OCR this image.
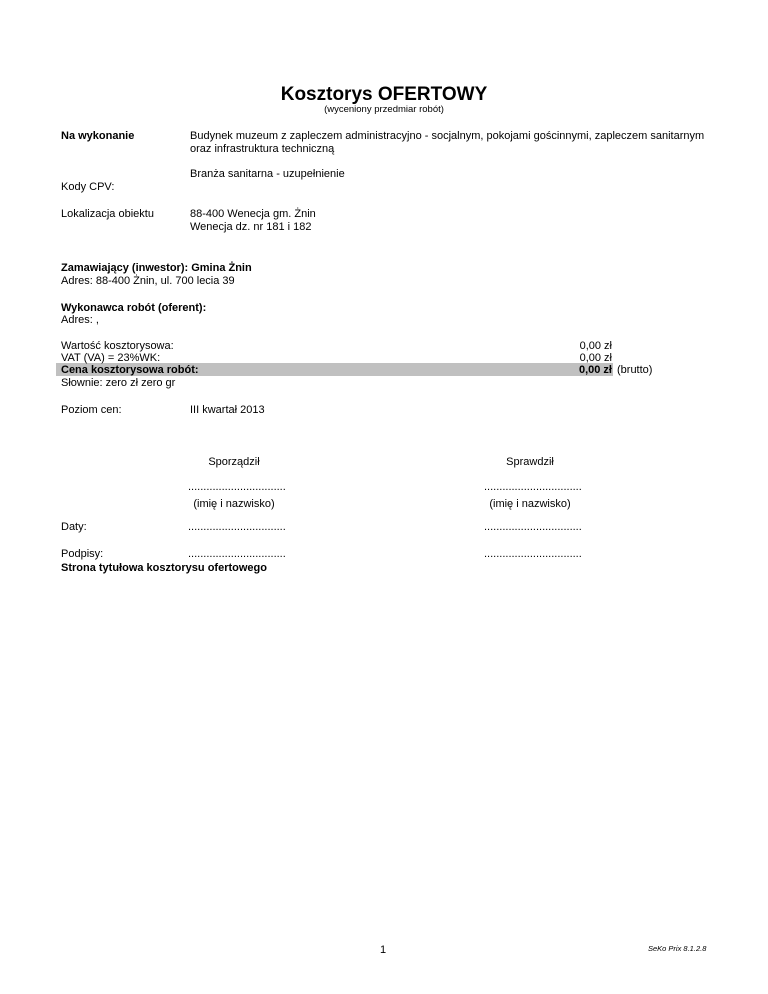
Kosztorys OFERTOWY
(wyceniony przedmiar robót)
Na wykonanie	Budynek muzeum z zapleczem administracyjno - socjalnym, pokojami gościnnymi, zapleczem sanitarnym oraz infrastruktura techniczną
Branża sanitarna - uzupełnienie
Kody CPV:
Lokalizacja obiektu	88-400 Wenecja gm. Żnin
Wenecja dz. nr 181 i 182
Zamawiający (inwestor): Gmina Żnin
Adres: 88-400 Żnin, ul. 700 lecia 39
Wykonawca robót (oferent):
Adres: ,
Wartość kosztorysowa:	0,00 zł
VAT (VA) = 23%WK:	0,00 zł
Cena kosztorysowa robót:	0,00 zł (brutto)
Słownie: zero zł zero gr
Poziom cen:	III kwartał 2013
Sporządził	Sprawdził
................................	................................
(imię i nazwisko)	(imię i nazwisko)
Daty:	................................	................................
Podpisy:	................................	................................
Strona tytułowa kosztorysu ofertowego
1	SeKo Prix 8.1.2.8
